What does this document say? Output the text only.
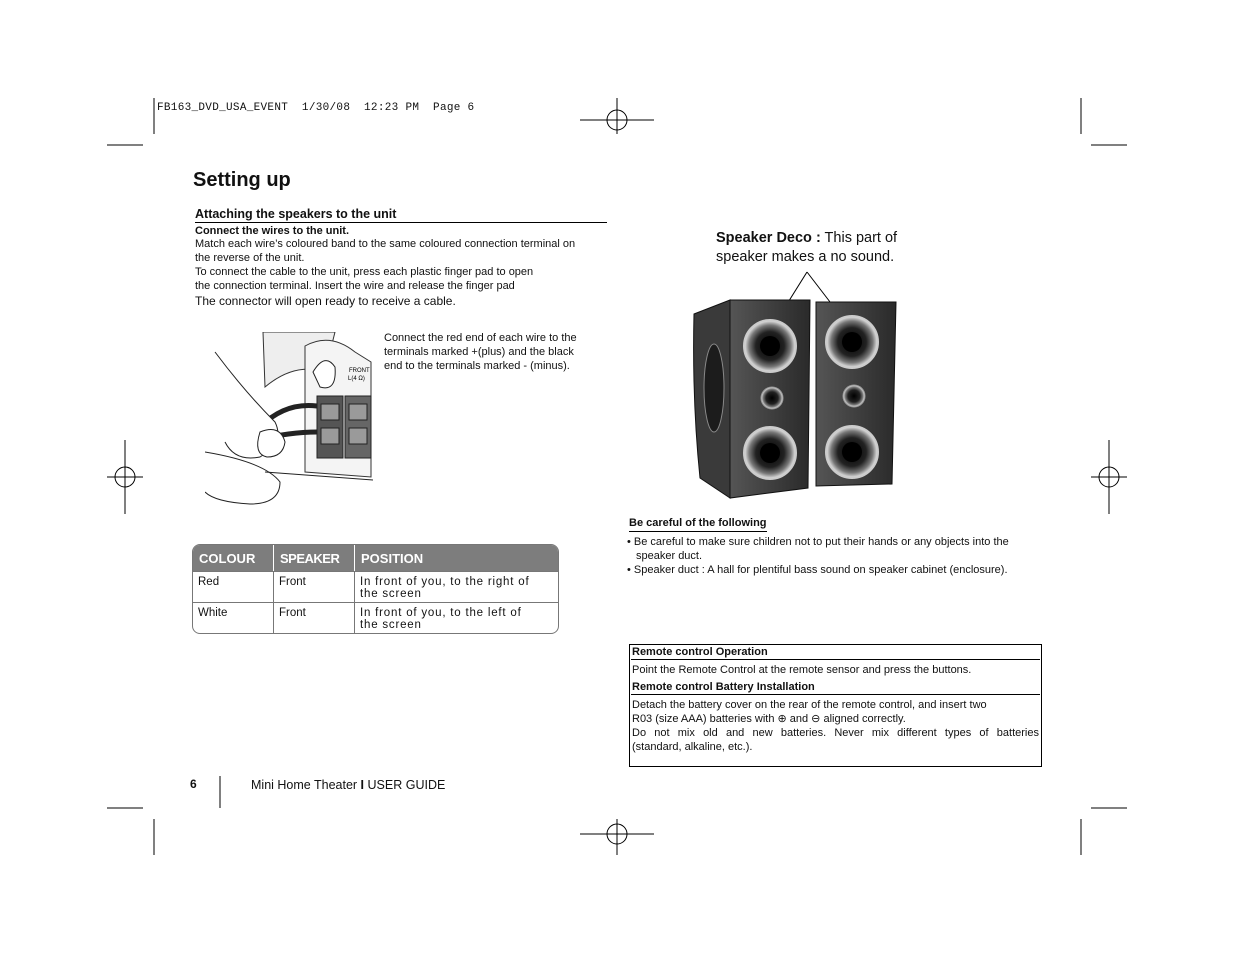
FB163_DVD_USA_EVENT  1/30/08  12:23 PM  Page 6
Setting up
Attaching the speakers to the unit
Connect the wires to the unit.
Match each wire’s coloured band to the same coloured connection terminal on
the reverse of the unit.
To connect the cable to the unit, press each plastic finger pad to open
the connection terminal. Insert the wire and release the finger pad
The connector will open ready to receive a cable.
FRONT
L(4 Ω)
Connect the red end of each wire to the
terminals marked +(plus) and the black
end to the terminals marked - (minus).
COLOUR	SPEAKER	POSITION
Red	Front	In front of you, to the right of
the screen

White	Front	In front of you, to the left of
the screen
Speaker Deco : This part of
speaker makes a no sound.
Be careful of the following
• Be careful to make sure children not to put their hands or any objects into the
speaker duct.
• Speaker duct : A hall for plentiful bass sound on speaker cabinet (enclosure).
Remote control Operation
Point the Remote Control at the remote sensor and press the buttons.
Remote control Battery Installation
Detach the battery cover on the rear of the remote control, and insert two
R03 (size AAA) batteries with ⊕ and ⊖ aligned correctly.
Do not mix old and new batteries. Never mix different types of batteries
(standard, alkaline, etc.).
6	Mini Home Theater I USER GUIDE
